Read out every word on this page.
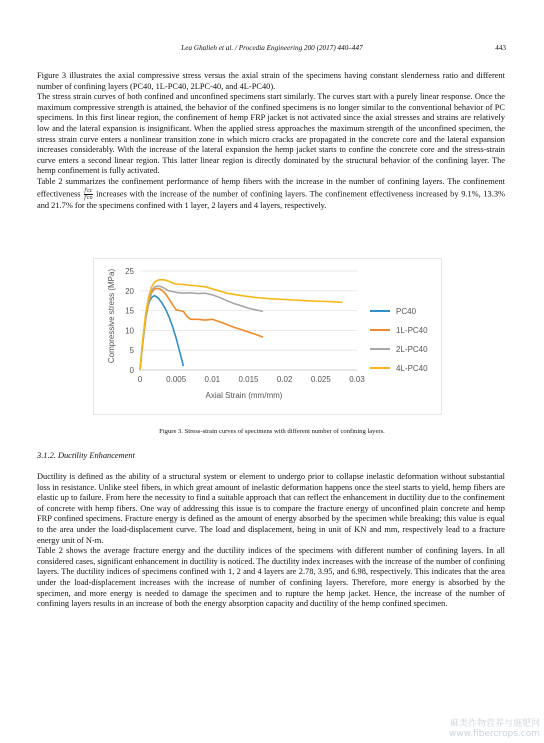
Lea Ghalieh et al. / Procedia Engineering 200 (2017) 440–447	443

Figure 3 illustrates the axial compressive stress versus the axial strain of the specimens having constant slenderness ratio and different number of confining layers (PC40, 1L-PC40, 2LPC-40, and 4L-PC40).

The stress strain curves of both confined and unconfined specimens start similarly. The curves start with a purely linear response. Once the maximum compressive strength is attained, the behavior of the confined specimens is no longer similar to the conventional behavior of PC specimens. In this first linear region, the confinement of hemp FRP jacket is not activated since the axial stresses and strains are relatively low and the lateral expansion is insignificant. When the applied stress approaches the maximum strength of the unconfined specimen, the stress strain curve enters a nonlinear transition zone in which micro cracks are propagated in the concrete core and the lateral expansion increases considerably. With the increase of the lateral expansion the hemp jacket starts to confine the concrete core and the stress-strain curve enters a second linear region. This latter linear region is directly dominated by the structural behavior of the confining layer. The hemp confinement is fully activated.

Table 2 summarizes the confinement performance of hemp fibers with the increase in the number of confining layers. The confinement effectiveness $\frac{f'cc}{f'co}$ increases with the increase of the number of confining layers. The confinement effectiveness increased by 9.1%, 13.3% and 21.7% for the specimens confined with 1 layer, 2 layers and 4 layers, respectively.

Compressive stress (MPa)
Axial Strain (mm/mm)
0
5
10
15
20
25
0	0.005 0.01 0.015 0.02 0.025 0.03
PC40
1L-PC40
2L-PC40
4L-PC40
Figure 3. Stress-strain curves of specimens with different number of confining layers.
3.1.2. Ductility Enhancement

Ductility is defined as the ability of a structural system or element to undergo prior to collapse inelastic deformation without substantial loss in resistance. Unlike steel fibers, in which great amount of inelastic deformation happens once the steel starts to yield, hemp fibers are elastic up to failure. From here the necessity to find a suitable approach that can reflect the enhancement in ductility due to the confinement of concrete with hemp fibers. One way of addressing this issue is to compare the fracture energy of unconfined plain concrete and hemp FRP confined specimens. Fracture energy is defined as the amount of energy absorbed by the specimen while breaking; this value is equal to the area under the load-displacement curve. The load and displacement, being in unit of KN and mm, respectively lead to a fracture energy unit of N-m.

Table 2 shows the average fracture energy and the ductility indices of the specimens with different number of confining layers. In all considered cases, significant enhancement in ductility is noticed. The ductility index increases with the increase of the number of confining layers. The ductility indices of specimens confined with 1, 2 and 4 layers are 2.78, 3.95, and 6.98, respectively. This indicates that the area under the load-displacement increases with the increase of number of confining layers. Therefore, more energy is absorbed by the specimen, and more energy is needed to damage the specimen and to rupture the hemp jacket. Hence, the increase of the number of confining layers results in an increase of both the energy absorption capacity and ductility of the hemp confined specimen.

麻类作物营养与施肥网
www.fibercrops.com
